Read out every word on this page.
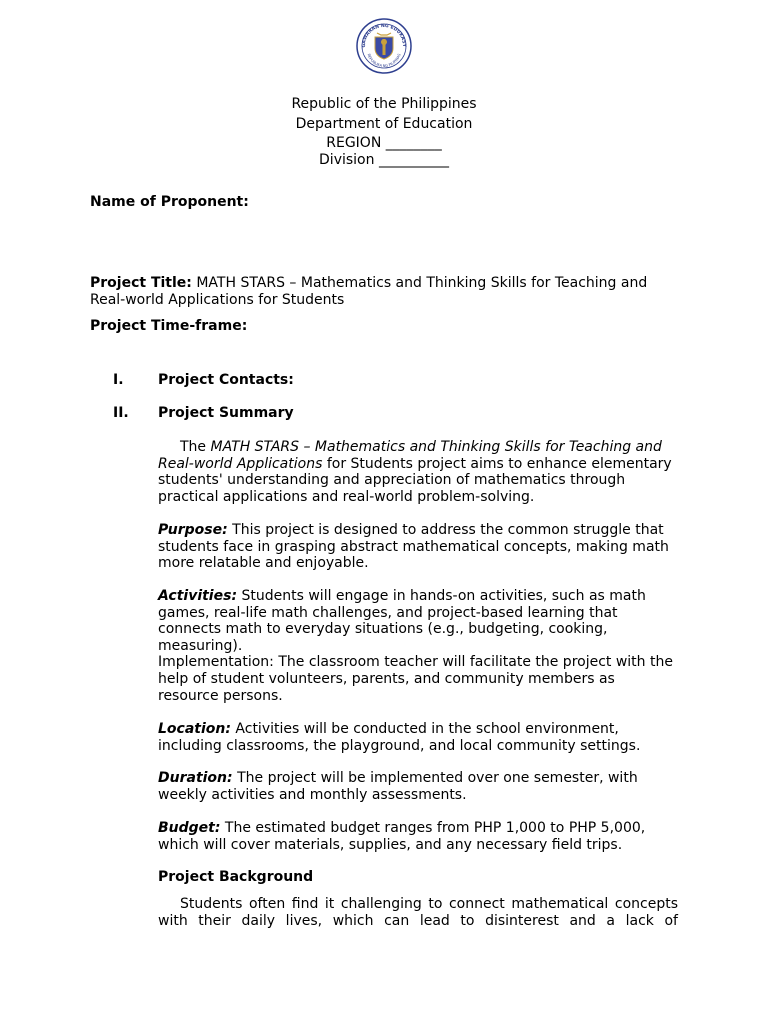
GAWARAN NG EDUKASY
REPUBLIKA NG PILIPINAS
Republic of the Philippines
Department of Education
REGION ________
Division __________
Name of Proponent:
Project Title: MATH STARS – Mathematics and Thinking Skills for Teaching and
Real-world Applications for Students
Project Time-frame:
I. Project Contacts:
II. Project Summary
The MATH STARS – Mathematics and Thinking Skills for Teaching and Real-world Applications for Students project aims to enhance elementary students' understanding and appreciation of mathematics through practical applications and real-world problem-solving.
Purpose: This project is designed to address the common struggle that students face in grasping abstract mathematical concepts, making math more relatable and enjoyable.
Activities: Students will engage in hands-on activities, such as math games, real-life math challenges, and project-based learning that connects math to everyday situations (e.g., budgeting, cooking, measuring).
Implementation: The classroom teacher will facilitate the project with the help of student volunteers, parents, and community members as resource persons.
Location: Activities will be conducted in the school environment, including classrooms, the playground, and local community settings.
Duration: The project will be implemented over one semester, with weekly activities and monthly assessments.
Budget: The estimated budget ranges from PHP 1,000 to PHP 5,000, which will cover materials, supplies, and any necessary field trips.
Project Background
Students often find it challenging to connect mathematical concepts with their daily lives, which can lead to disinterest and a lack of
